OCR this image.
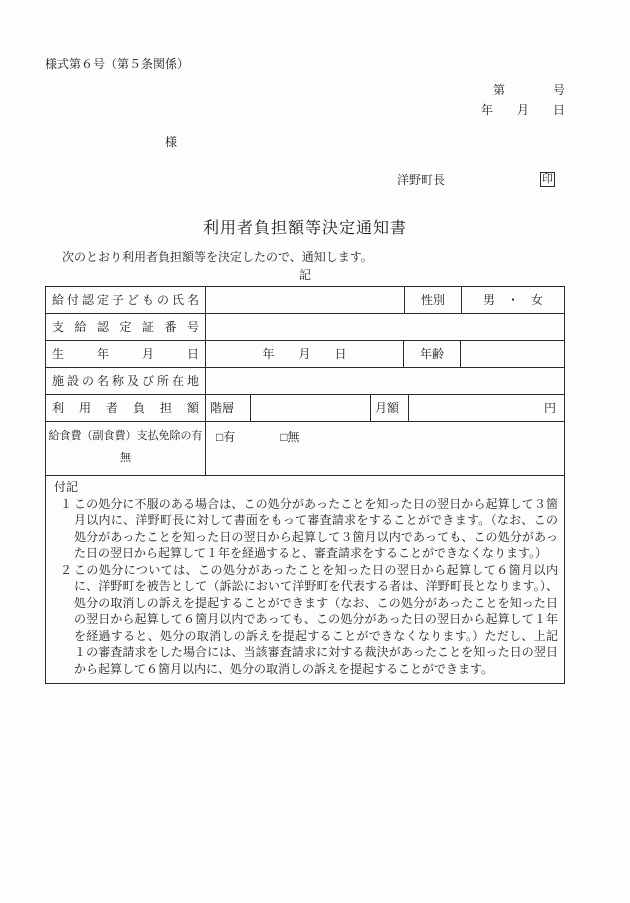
様式第６号（第５条関係）
第　　　　号
年　　月　　日
様
洋野町長	印
利用者負担額等決定通知書

次のとおり利用者負担額等を決定したので、通知します。

記
給付認定子どもの氏名	性別	男　・　女
支給認定証番号
生年月日	年　　月　　日	年齢
施設の名称及び所在地
利用者負担額 階層	月額	円
給食費（副食費）支払免除の有無
□有	□無
付記
１ この処分に不服のある場合は、この処分があったことを知った日の翌日から起算して３箇月以内に、洋野町長に対して書面をもって審査請求をすることができます。（なお、この処分があったことを知った日の翌日から起算して３箇月以内であっても、この処分があった日の翌日から起算して１年を経過すると、審査請求をすることができなくなります。）
２ この処分については、この処分があったことを知った日の翌日から起算して６箇月以内に、洋野町を被告として（訴訟において洋野町を代表する者は、洋野町長となります。）、処分の取消しの訴えを提起することができます（なお、この処分があったことを知った日の翌日から起算して６箇月以内であっても、この処分があった日の翌日から起算して１年を経過すると、処分の取消しの訴えを提起することができなくなります。）ただし、上記１の審査請求をした場合には、当該審査請求に対する裁決があったことを知った日の翌日から起算して６箇月以内に、処分の取消しの訴えを提起することができます。
